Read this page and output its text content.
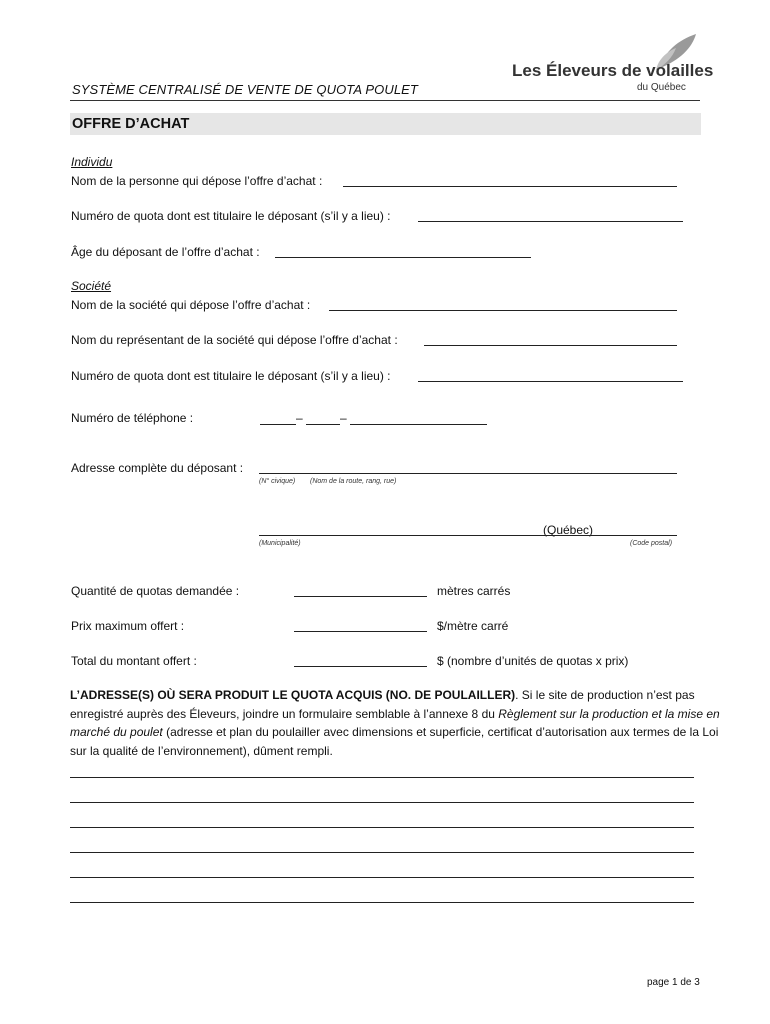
SYSTÈME CENTRALISÉ DE VENTE DE QUOTA POULET
Les Éleveurs de volailles
du Québec
OFFRE D’ACHAT
Individu
Nom de la personne qui dépose l’offre d’achat :
Numéro de quota dont est titulaire le déposant (s’il y a lieu) :
Âge du déposant de l’offre d’achat :
Société
Nom de la société qui dépose l’offre d’achat :
Nom du représentant de la société qui dépose l’offre d’achat :
Numéro de quota dont est titulaire le déposant (s’il y a lieu) :
Numéro de téléphone :	–	–
Adresse complète du déposant :
(N° civique) (Nom de la route, rang, rue)
(Québec)
(Municipalité)	(Code postal)
Quantité de quotas demandée :	mètres carrés
Prix maximum offert :	$/mètre carré
Total du montant offert :	$ (nombre d’unités de quotas x prix)
L’ADRESSE(S) OÙ SERA PRODUIT LE QUOTA ACQUIS (NO. DE POULAILLER). Si le site de production n’est pas enregistré auprès des Éleveurs, joindre un formulaire semblable à l’annexe 8 du Règlement sur la production et la mise en marché du poulet (adresse et plan du poulailler avec dimensions et superficie, certificat d’autorisation aux termes de la Loi sur la qualité de l’environnement), dûment rempli.
page 1 de 3
